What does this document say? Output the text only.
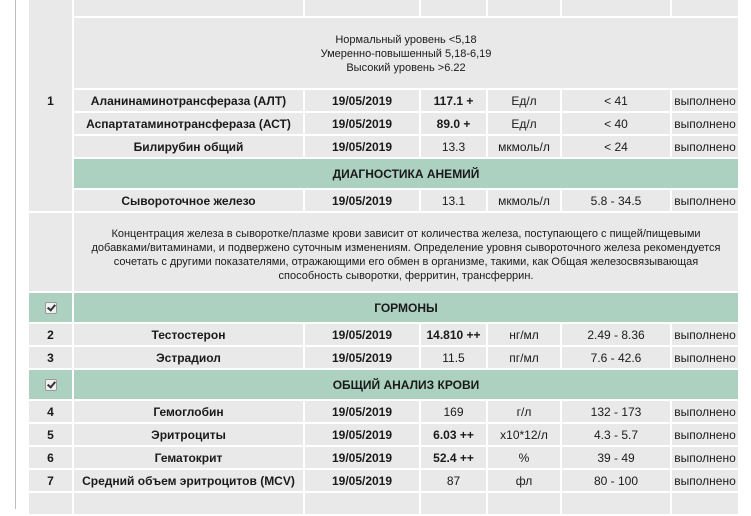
1						

	Нормальный уровень <5,18
Умеренно-повышенный 5,18-6,19
Высокий уровень >6.22					

	Аланинаминотрансфераза (АЛТ)	19/05/2019	117.1 +	Ед/л	< 41	выполнено
	Аспартатаминотрансфераза (АСТ)	19/05/2019	89.0 +	Ед/л	< 40	выполнено
	Билирубин общий	19/05/2019	13.3	мкмоль/л	< 24	выполнено
	ДИАГНОСТИКА АНЕМИЙ					
	Сывороточное железо	19/05/2019	13.1	мкмоль/л	5.8 - 34.5	выполнено
	Концентрация железа в сыворотке/плазме крови зависит от количества железа, поступающего с пищей/пищевыми добавками/витаминами, и подвержено суточным изменениям. Определение уровня сывороточного железа рекомендуется сочетать с другими показателями, отражающими его обмен в организме, такими, как Общая железосвязывающая способность сыворотки, ферритин, трансферрин.					
	ГОРМОНЫ					
2	Тестостерон	19/05/2019	14.810 ++	нг/мл	2.49 - 8.36	выполнено
3	Эстрадиол	19/05/2019	11.5	пг/мл	7.6 - 42.6	выполнено
	ОБЩИЙ АНАЛИЗ КРОВИ					
4	Гемоглобин	19/05/2019	169	г/л	132 - 173	выполнено
5	Эритроциты	19/05/2019	6.03 ++	x10*12/л	4.3 - 5.7	выполнено
6	Гематокрит	19/05/2019	52.4 ++	%	39 - 49	выполнено
7	Средний объем эритроцитов (MCV)	19/05/2019	87	фл	80 - 100	выполнено
